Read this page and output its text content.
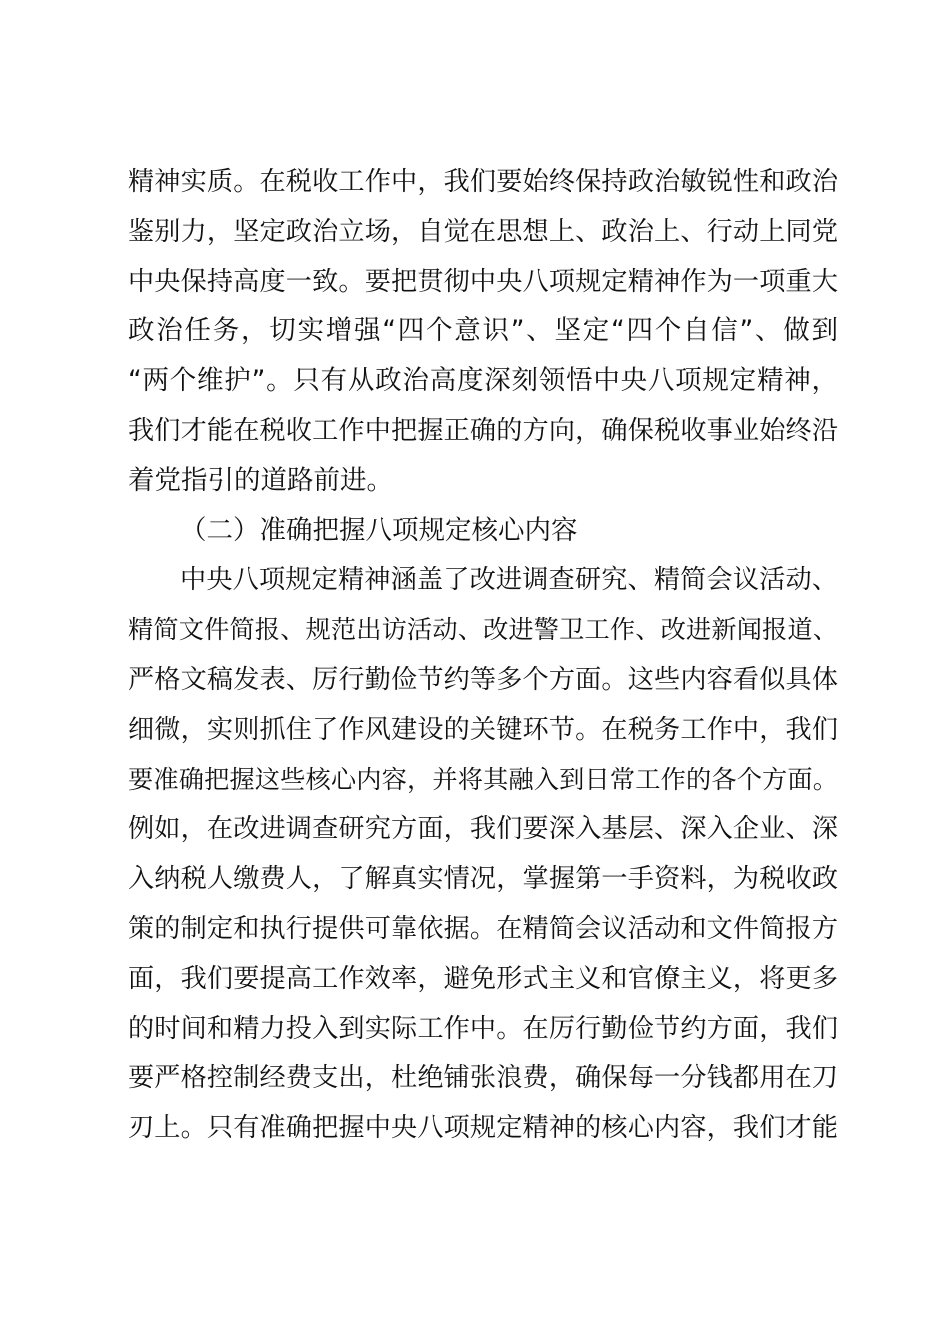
精神实质。在税收工作中，我们要始终保持政治敏锐性和政治
鉴别力，坚定政治立场，自觉在思想上、政治上、行动上同党
中央保持高度一致。要把贯彻中央八项规定精神作为一项重大
政治任务，切实增强“四个意识”、坚定“四个自信”、做到
“两个维护”。只有从政治高度深刻领悟中央八项规定精神，
我们才能在税收工作中把握正确的方向，确保税收事业始终沿
着党指引的道路前进。
（二）准确把握八项规定核心内容
中央八项规定精神涵盖了改进调查研究、精简会议活动、
精简文件简报、规范出访活动、改进警卫工作、改进新闻报道、
严格文稿发表、厉行勤俭节约等多个方面。这些内容看似具体
细微，实则抓住了作风建设的关键环节。在税务工作中，我们
要准确把握这些核心内容，并将其融入到日常工作的各个方面。
例如，在改进调查研究方面，我们要深入基层、深入企业、深
入纳税人缴费人，了解真实情况，掌握第一手资料，为税收政
策的制定和执行提供可靠依据。在精简会议活动和文件简报方
面，我们要提高工作效率，避免形式主义和官僚主义，将更多
的时间和精力投入到实际工作中。在厉行勤俭节约方面，我们
要严格控制经费支出，杜绝铺张浪费，确保每一分钱都用在刀
刃上。只有准确把握中央八项规定精神的核心内容，我们才能
